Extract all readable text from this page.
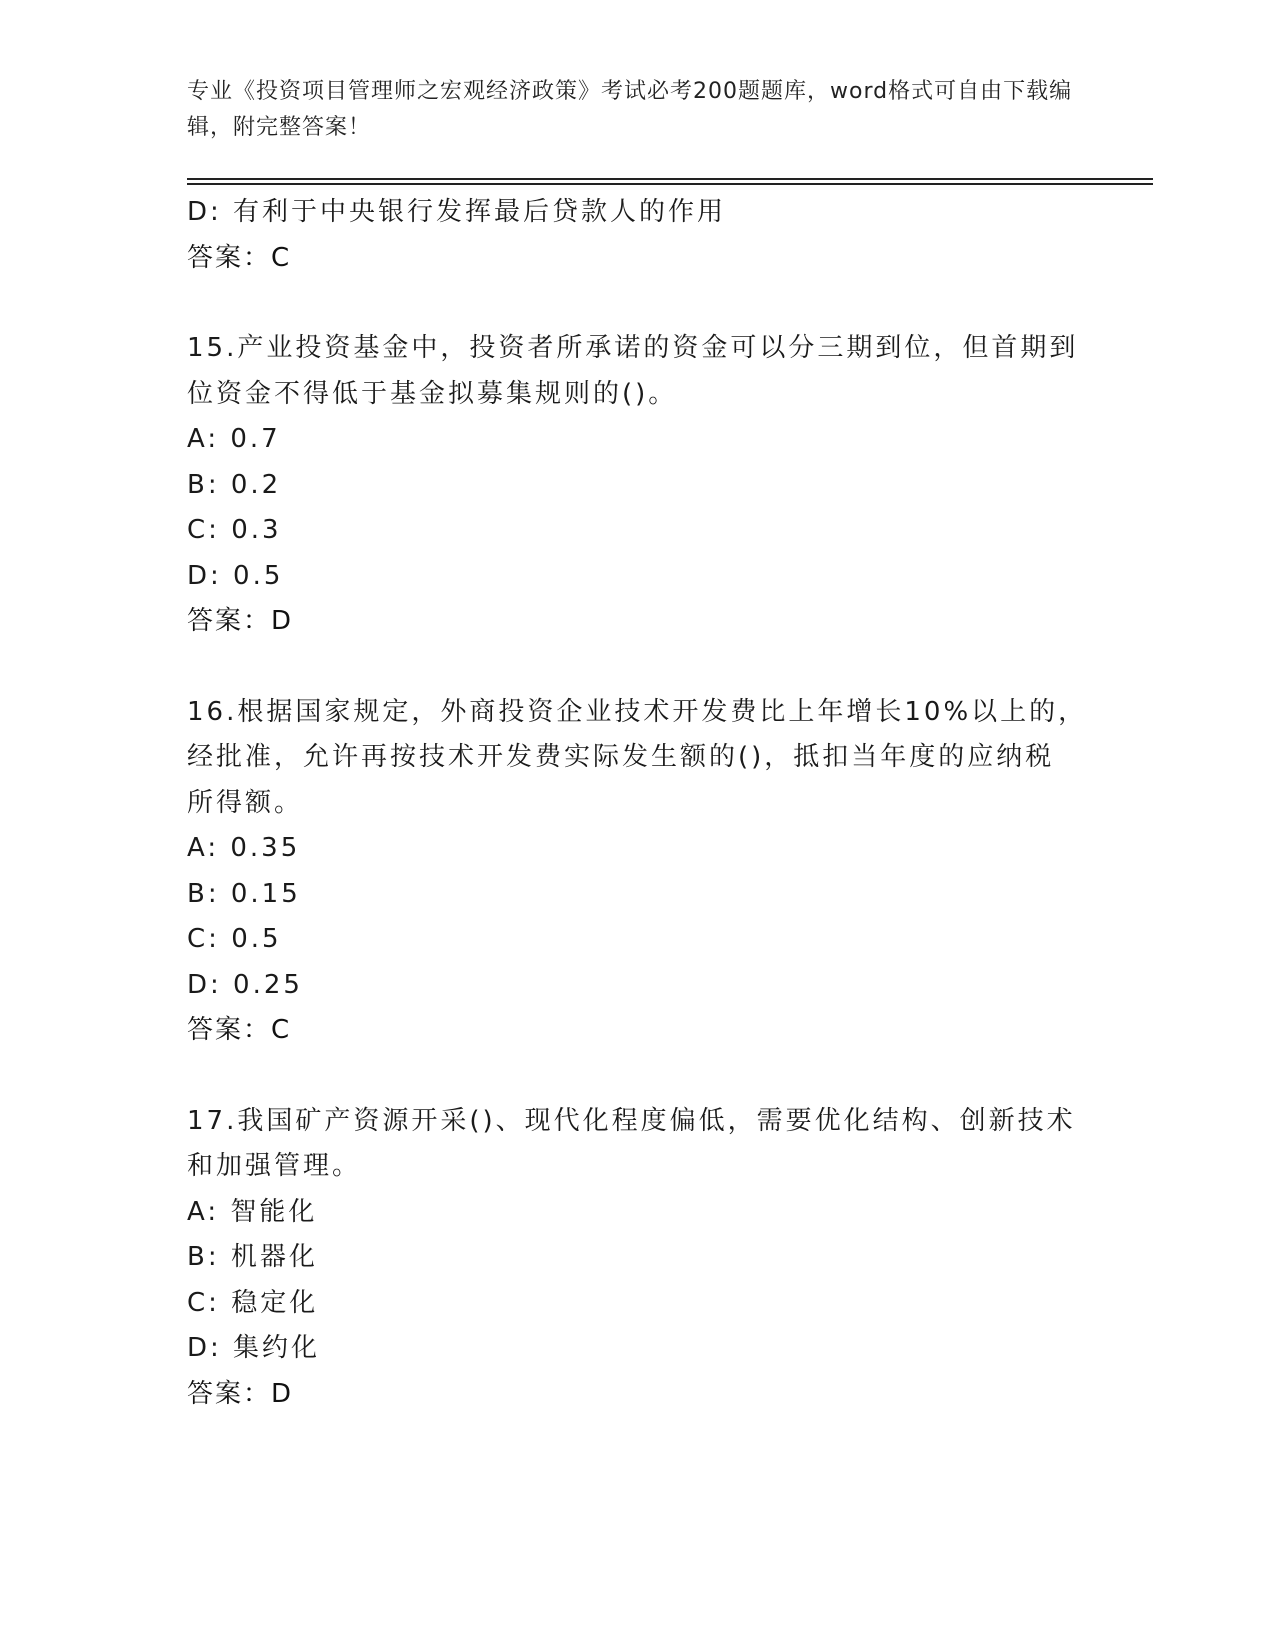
专业《投资项目管理师之宏观经济政策》考试必考200题题库，word格式可自由下载编辑，附完整答案！
D: 有利于中央银行发挥最后贷款人的作用
答案：C
15.产业投资基金中，投资者所承诺的资金可以分三期到位，但首期到
位资金不得低于基金拟募集规则的()。
A: 0.7
B: 0.2
C: 0.3
D: 0.5
答案：D
16.根据国家规定，外商投资企业技术开发费比上年增长10%以上的，
经批准，允许再按技术开发费实际发生额的()，抵扣当年度的应纳税
所得额。
A: 0.35
B: 0.15
C: 0.5
D: 0.25
答案：C
17.我国矿产资源开采()、现代化程度偏低，需要优化结构、创新技术
和加强管理。
A: 智能化
B: 机器化
C: 稳定化
D: 集约化
答案：D
